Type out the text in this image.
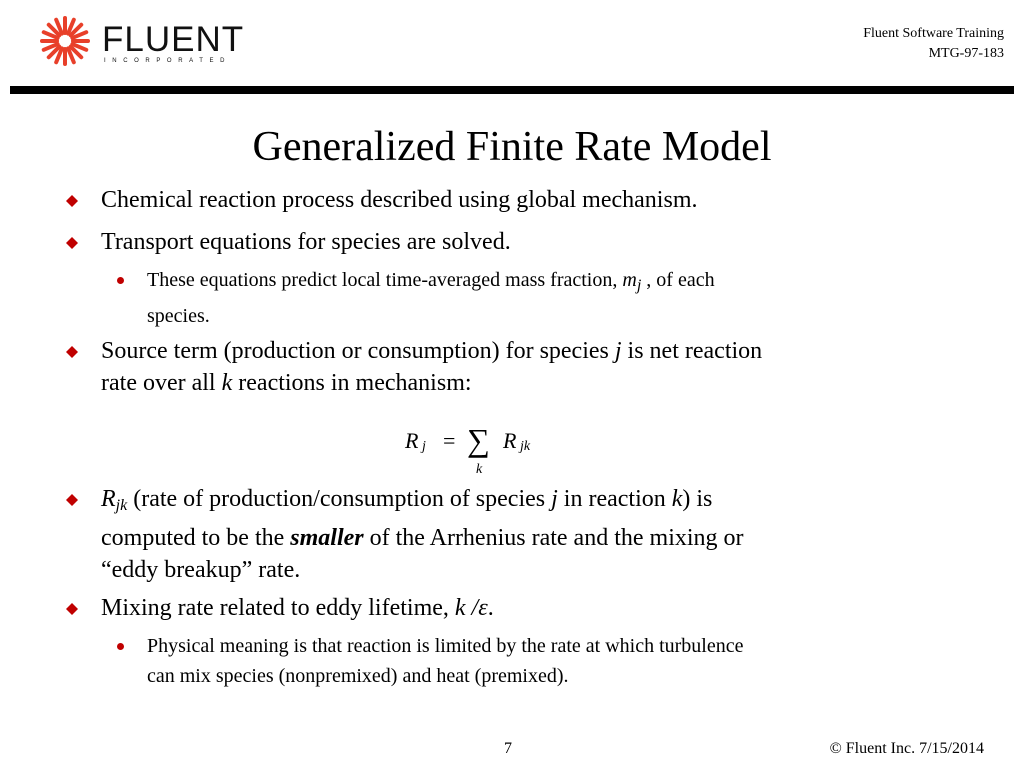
FLUENT
INCORPORATED
Fluent Software Training
MTG-97-183
Generalized Finite Rate Model
Chemical reaction process described using global mechanism.
Transport equations for species are solved.
These equations predict local time-averaged mass fraction, $m_j$ , of each
species.
Source term (production or consumption) for species j is net reaction
rate over all k reactions in mechanism:
R j = ∑
k
R jk
Rjk (rate of production/consumption of species j in reaction k) is
computed to be the smaller of the Arrhenius rate and the mixing or
“eddy breakup” rate.
Mixing rate related to eddy lifetime, k /ε.
Physical meaning is that reaction is limited by the rate at which turbulence
can mix species (nonpremixed) and heat (premixed).
7	© Fluent Inc. 7/15/2014
